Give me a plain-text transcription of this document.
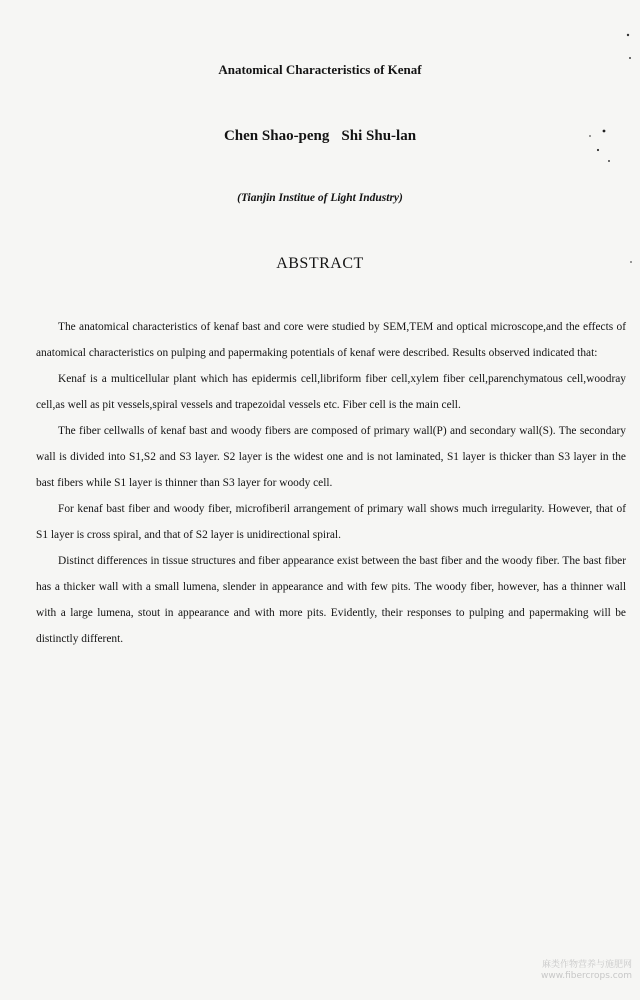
Anatomical Characteristics of Kenaf
Chen Shao-peng Shi Shu-lan
(Tianjin Institue of Light Industry)
ABSTRACT

The anatomical characteristics of kenaf bast and core were studied by SEM,TEM and optical microscope,and the effects of anatomical characteristics on pulping and papermaking potentials of kenaf were described. Results observed indicated that:

Kenaf is a multicellular plant which has epidermis cell,libriform fiber cell,xylem fiber cell,parenchymatous cell,woodray cell,as well as pit vessels,spiral vessels and trapezoidal vessels etc. Fiber cell is the main cell.

The fiber cellwalls of kenaf bast and woody fibers are composed of primary wall(P) and secondary wall(S). The secondary wall is divided into S1,S2 and S3 layer. S2 layer is the widest one and is not laminated, S1 layer is thicker than S3 layer in the bast fibers while S1 layer is thinner than S3 layer for woody cell.

For kenaf bast fiber and woody fiber, microfiberil arrangement of primary wall shows much irregularity. However, that of S1 layer is cross spiral, and that of S2 layer is unidirectional spiral.

Distinct differences in tissue structures and fiber appearance exist between the bast fiber and the woody fiber. The bast fiber has a thicker wall with a small lumena, slender in appearance and with few pits. The woody fiber, however, has a thinner wall with a large lumena, stout in appearance and with more pits. Evidently, their responses to pulping and papermaking will be distinctly different.

麻类作物营养与施肥网
www.fibercrops.com
